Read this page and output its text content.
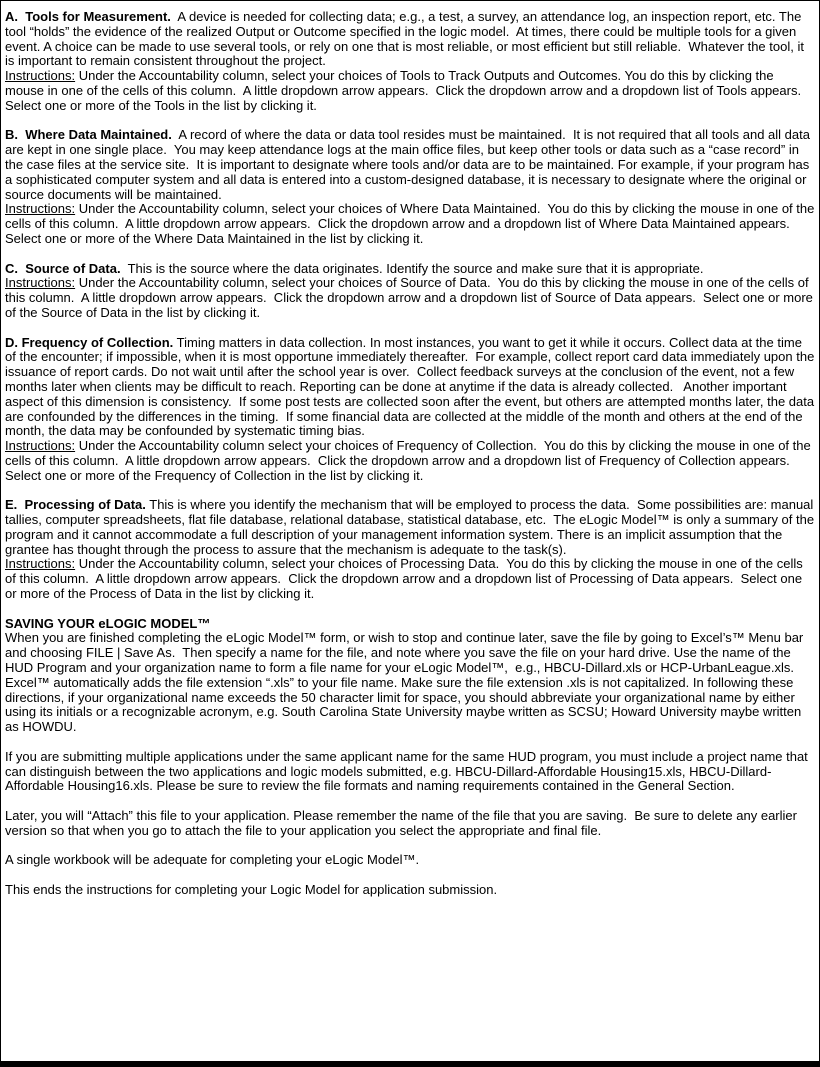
A.  Tools for Measurement.  A device is needed for collecting data; e.g., a test, a survey, an attendance log, an inspection report, etc. The tool “holds” the evidence of the realized Output or Outcome specified in the logic model.  At times, there could be multiple tools for a given event. A choice can be made to use several tools, or rely on one that is most reliable, or most efficient but still reliable.  Whatever the tool, it is important to remain consistent throughout the project.
Instructions: Under the Accountability column, select your choices of Tools to Track Outputs and Outcomes. You do this by clicking the mouse in one of the cells of this column.  A little dropdown arrow appears.  Click the dropdown arrow and a dropdown list of Tools appears.  Select one or more of the Tools in the list by clicking it.
B.  Where Data Maintained.  A record of where the data or data tool resides must be maintained.  It is not required that all tools and all data are kept in one single place.  You may keep attendance logs at the main office files, but keep other tools or data such as a “case record” in the case files at the service site.  It is important to designate where tools and/or data are to be maintained. For example, if your program has a sophisticated computer system and all data is entered into a custom-designed database, it is necessary to designate where the original or source documents will be maintained.
Instructions: Under the Accountability column, select your choices of Where Data Maintained.  You do this by clicking the mouse in one of the cells of this column.  A little dropdown arrow appears.  Click the dropdown arrow and a dropdown list of Where Data Maintained appears.  Select one or more of the Where Data Maintained in the list by clicking it.
C.  Source of Data.  This is the source where the data originates. Identify the source and make sure that it is appropriate.
Instructions: Under the Accountability column, select your choices of Source of Data.  You do this by clicking the mouse in one of the cells of this column.  A little dropdown arrow appears.  Click the dropdown arrow and a dropdown list of Source of Data appears.  Select one or more of the Source of Data in the list by clicking it.
D. Frequency of Collection. Timing matters in data collection. In most instances, you want to get it while it occurs. Collect data at the time of the encounter; if impossible, when it is most opportune immediately thereafter.  For example, collect report card data immediately upon the issuance of report cards. Do not wait until after the school year is over.  Collect feedback surveys at the conclusion of the event, not a few months later when clients may be difficult to reach. Reporting can be done at anytime if the data is already collected.   Another important aspect of this dimension is consistency.  If some post tests are collected soon after the event, but others are attempted months later, the data are confounded by the differences in the timing.  If some financial data are collected at the middle of the month and others at the end of the month, the data may be confounded by systematic timing bias.
Instructions: Under the Accountability column select your choices of Frequency of Collection.  You do this by clicking the mouse in one of the cells of this column.  A little dropdown arrow appears.  Click the dropdown arrow and a dropdown list of Frequency of Collection appears.  Select one or more of the Frequency of Collection in the list by clicking it.
E.  Processing of Data. This is where you identify the mechanism that will be employed to process the data.  Some possibilities are: manual tallies, computer spreadsheets, flat file database, relational database, statistical database, etc.  The eLogic Model™ is only a summary of the program and it cannot accommodate a full description of your management information system. There is an implicit assumption that the grantee has thought through the process to assure that the mechanism is adequate to the task(s).
Instructions: Under the Accountability column, select your choices of Processing Data.  You do this by clicking the mouse in one of the cells of this column.  A little dropdown arrow appears.  Click the dropdown arrow and a dropdown list of Processing of Data appears.  Select one or more of the Process of Data in the list by clicking it.
SAVING YOUR eLOGIC MODEL™
When you are finished completing the eLogic Model™ form, or wish to stop and continue later, save the file by going to Excel’s™ Menu bar and choosing FILE | Save As.  Then specify a name for the file, and note where you save the file on your hard drive. Use the name of the HUD Program and your organization name to form a file name for your eLogic Model™,  e.g., HBCU-Dillard.xls or HCP-UrbanLeague.xls. Excel™ automatically adds the file extension “.xls” to your file name. Make sure the file extension .xls is not capitalized. In following these directions, if your organizational name exceeds the 50 character limit for space, you should abbreviate your organizational name by either using its initials or a recognizable acronym, e.g. South Carolina State University maybe written as SCSU; Howard University maybe written as HOWDU.
If you are submitting multiple applications under the same applicant name for the same HUD program, you must include a project name that can distinguish between the two applications and logic models submitted, e.g. HBCU-Dillard-Affordable Housing15.xls, HBCU-Dillard-Affordable Housing16.xls. Please be sure to review the file formats and naming requirements contained in the General Section.
Later, you will “Attach” this file to your application. Please remember the name of the file that you are saving.  Be sure to delete any earlier version so that when you go to attach the file to your application you select the appropriate and final file.
A single workbook will be adequate for completing your eLogic Model™.
This ends the instructions for completing your Logic Model for application submission.
